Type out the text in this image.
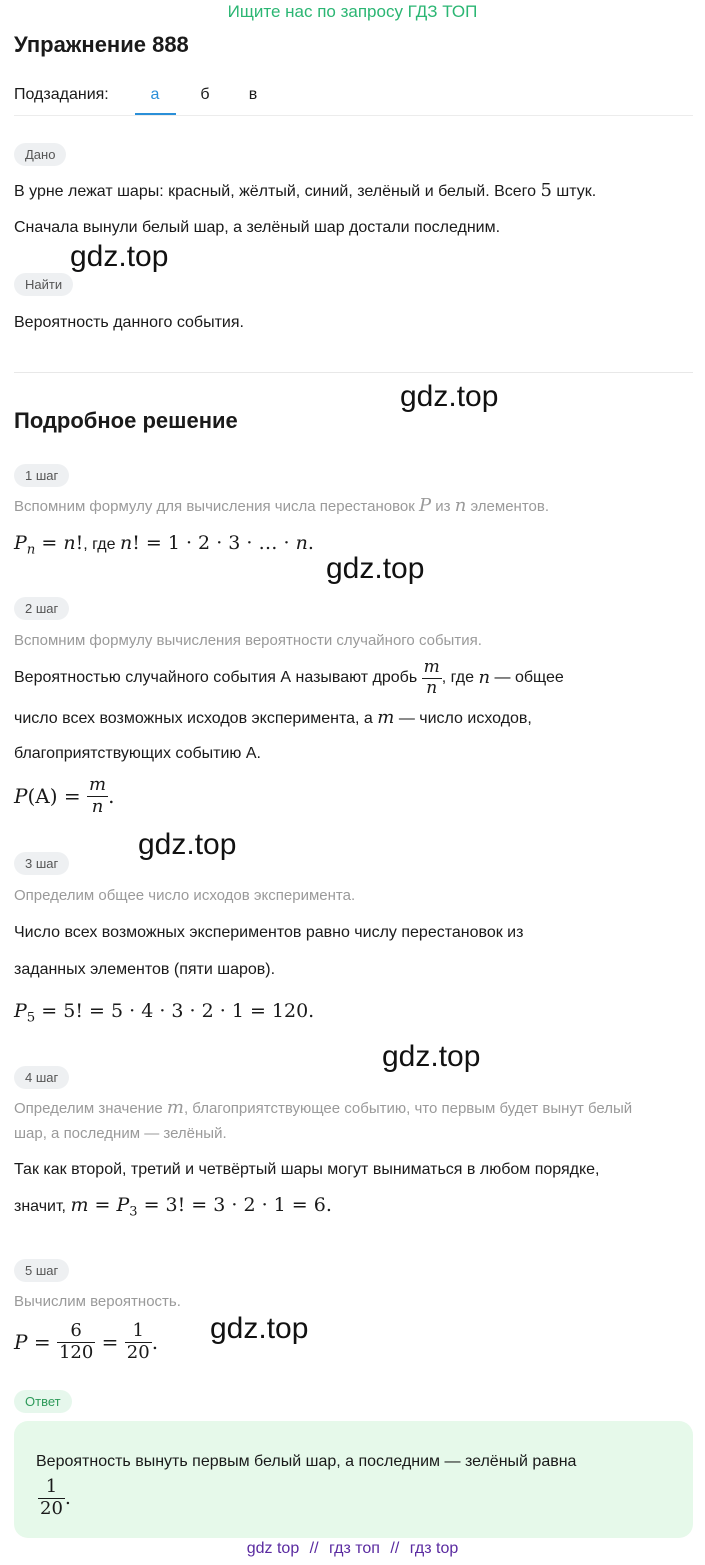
Ищите нас по запросу ГДЗ ТОП
Упражнение 888
Подзадания:	а	б	в
Дано
В урне лежат шары: красный, жёлтый, синий, зелёный и белый. Всего 5 штук.
Сначала вынули белый шар, а зелёный шар достали последним.
gdz.top
Найти
Вероятность данного события.
gdz.top
Подробное решение
1 шаг
Вспомним формулу для вычисления числа перестановок P из n элементов.
$P_n = n$!, где n! = 1 · 2 · 3 · … · n.
gdz.top
2 шаг
Вспомним формулу вычисления вероятности случайного события.
Вероятностью случайного события А называют дробь
$\frac{m}{n}$ , где
n
— общее
число всех возможных исходов эксперимента, а m — число исходов,
благоприятствующих событию А.
P $(A) = \frac{m}{n}$ .
gdz.top
3 шаг
Определим общее число исходов эксперимента.
Число всех возможных экспериментов равно числу перестановок из
заданных элементов (пяти шаров).
$P_5 = 5$! = 5 · 4 · 3 · 2 · 1 = 120.
gdz.top
4 шаг
Определим значение m, благоприятствующее событию, что первым будет вынут белый
шар, а последним — зелёный.
Так как второй, третий и четвёртый шары могут выниматься в любом порядке,
значит, $m = P_3 = 3$! = 3 · 2 · 1 = 6.
5 шаг
Вычислим вероятность.
$P = \frac{6}{120} = \frac{1}{20}$ . gdz.top
Ответ
Вероятность вынуть первым белый шар, а последним — зелёный равна
$\frac{1}{20}$ .
gdz top // гдз топ // гдз top
